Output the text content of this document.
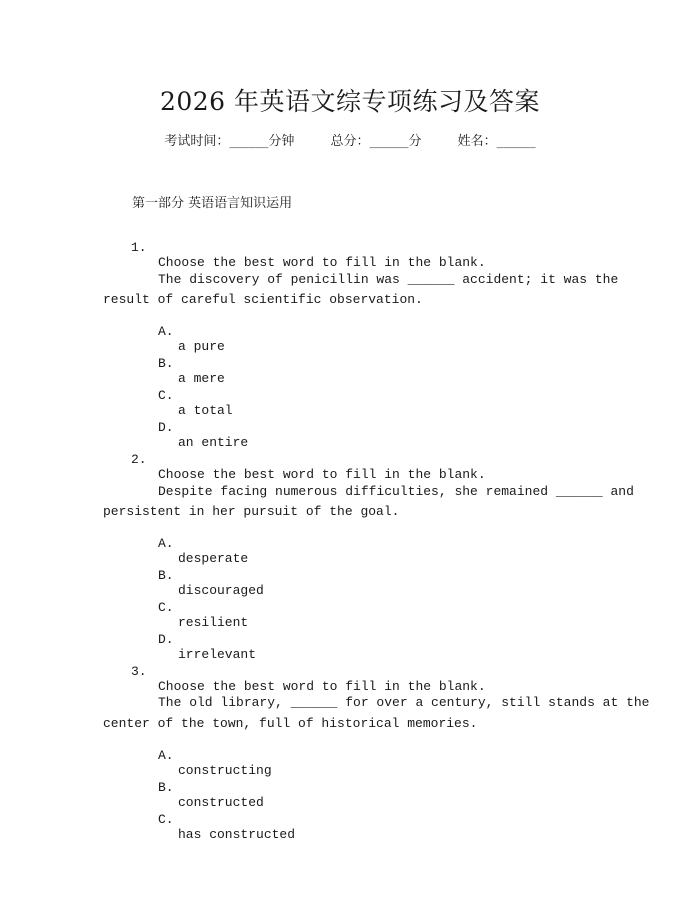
2026 年英语文综专项练习及答案
考试时间：______分钟	总分：______分	姓名：______
第一部分 英语语言知识运用

1.

Choose the best word to fill in the blank.

The discovery of penicillin was ______ accident; it was the

result of careful scientific observation.

A.

a pure

B.

a mere

C.

a total

D.

an entire

2.

Choose the best word to fill in the blank.

Despite facing numerous difficulties, she remained ______ and

persistent in her pursuit of the goal.

A.

desperate

B.

discouraged

C.

resilient

D.

irrelevant

3.

Choose the best word to fill in the blank.

The old library, ______ for over a century, still stands at the

center of the town, full of historical memories.

A.

constructing

B.

constructed

C.

has constructed
